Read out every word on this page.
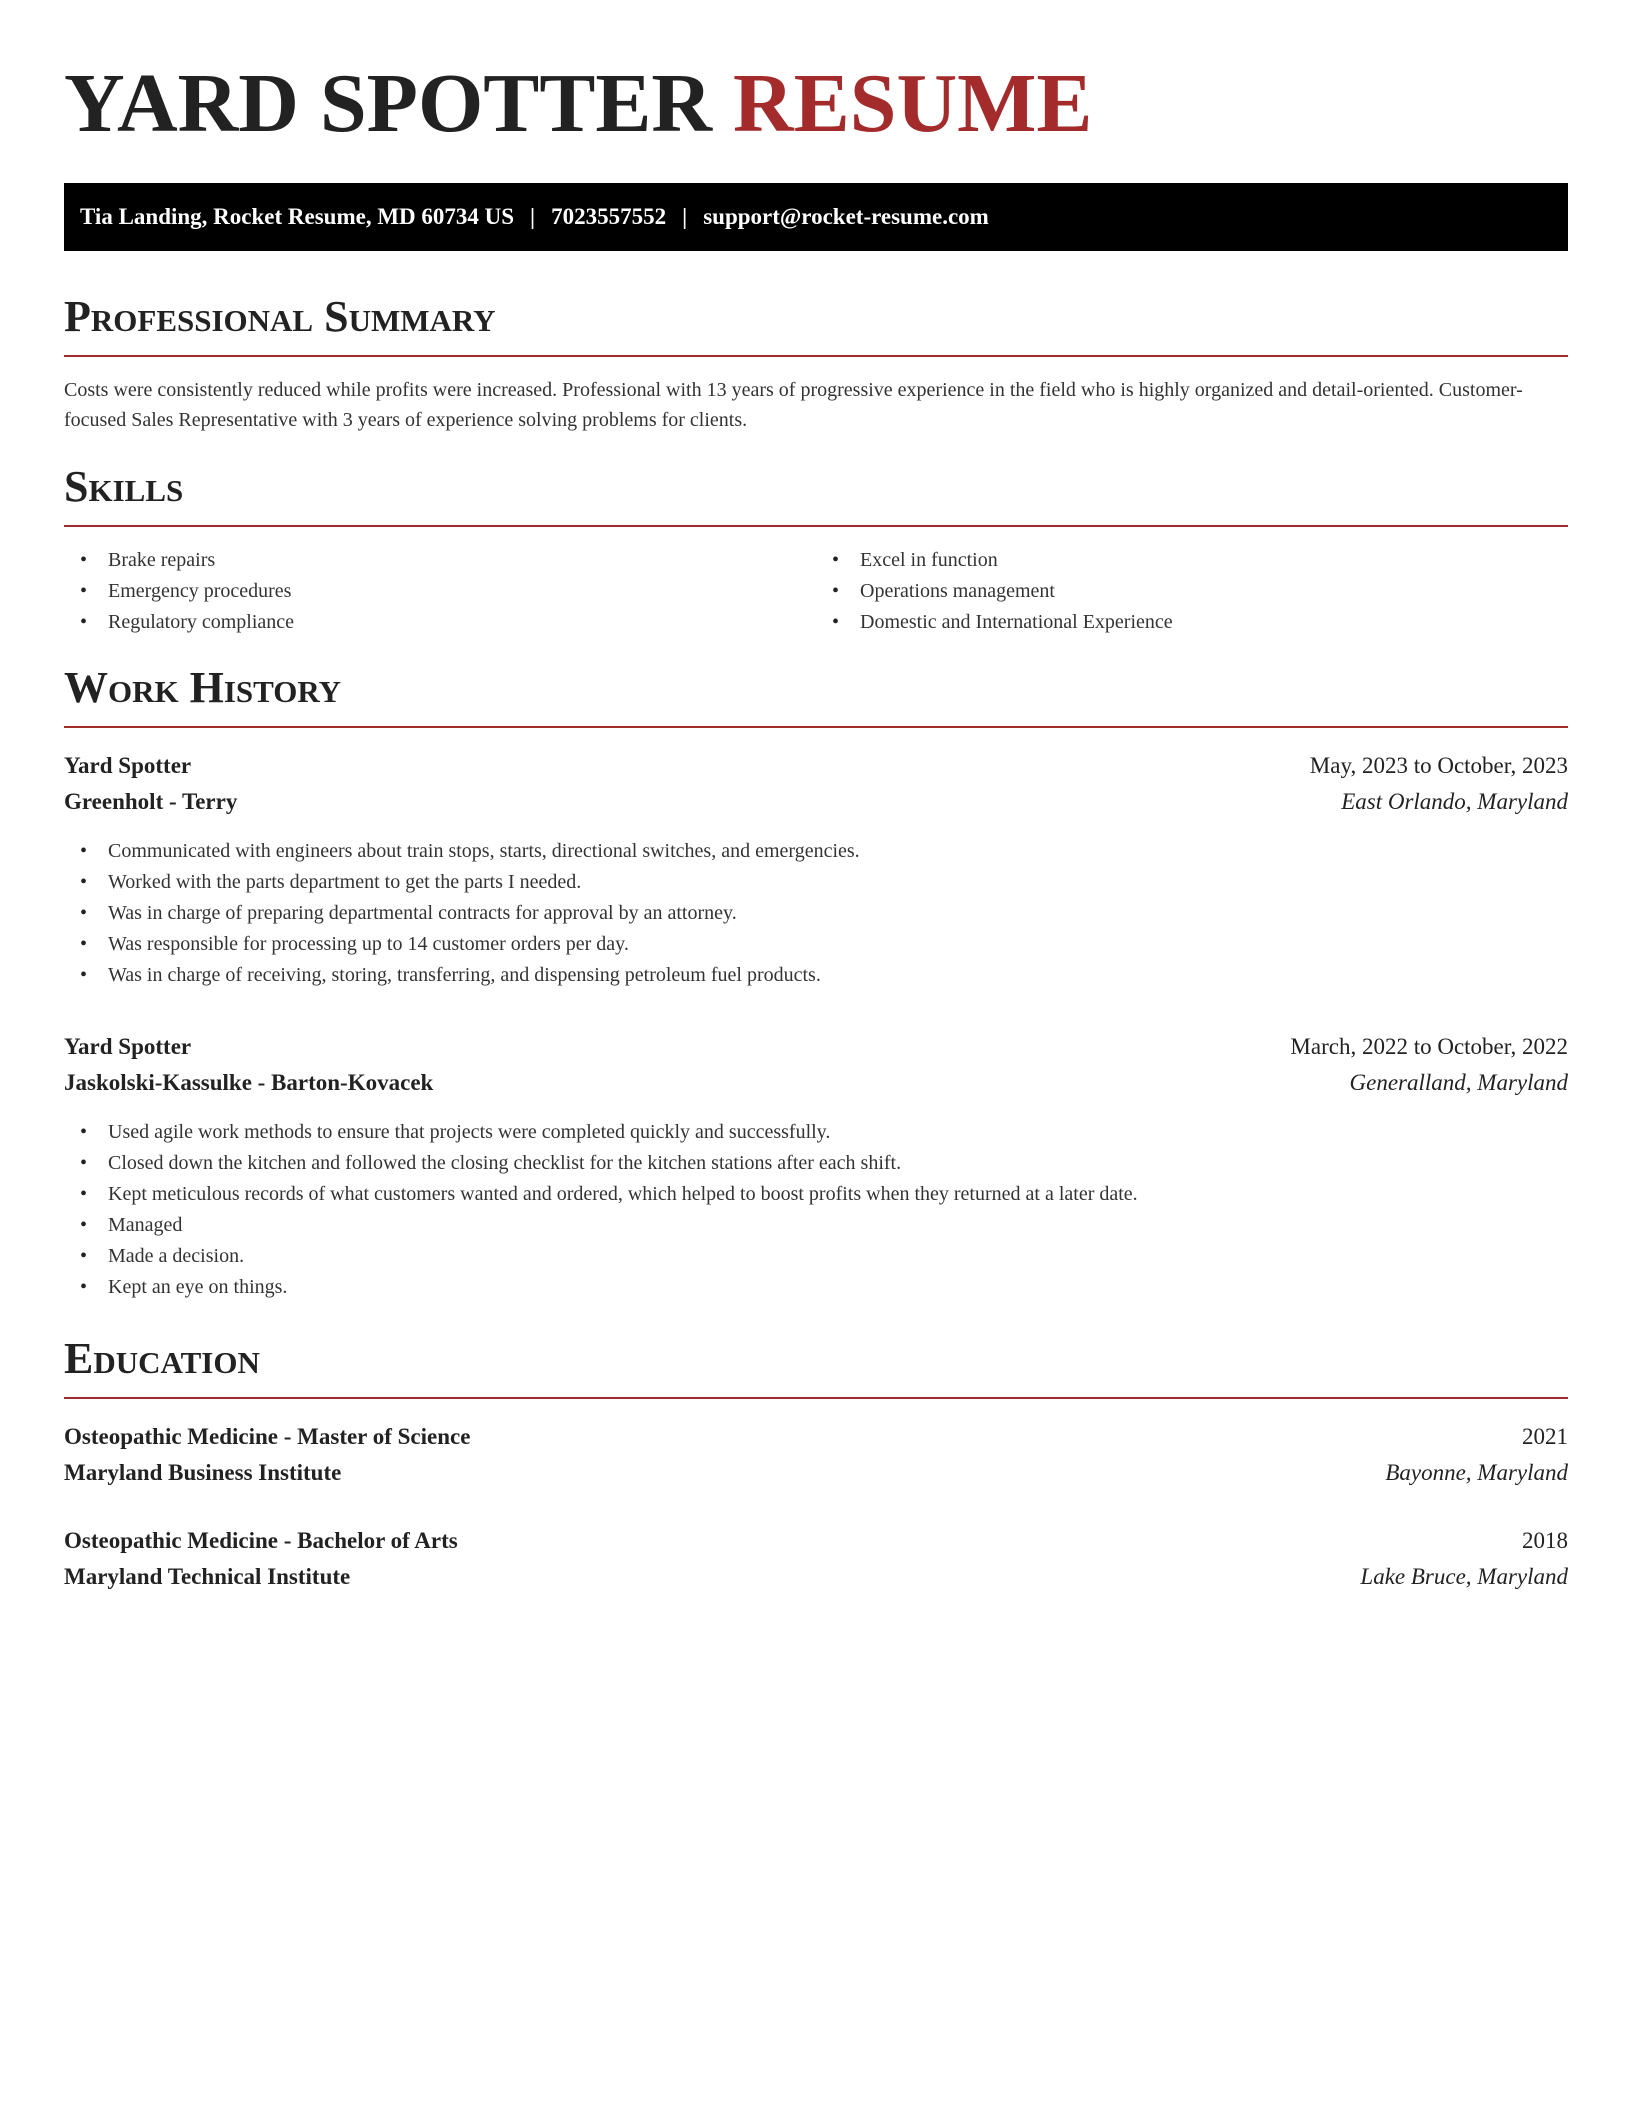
YARD SPOTTER RESUME
Tia Landing, Rocket Resume, MD 60734 US | 7023557552 | support@rocket-resume.com
Professional Summary

Costs were consistently reduced while profits were increased. Professional with 13 years of progressive experience in the field who is highly organized and detail-oriented. Customer-focused Sales Representative with 3 years of experience solving problems for clients.

Skills
• Brake repairs
• Emergency procedures
• Regulatory compliance
• Excel in function
• Operations management
• Domestic and International Experience
Work History
Yard Spotter	May, 2023 to October, 2023
Greenholt - Terry	East Orlando, Maryland
• Communicated with engineers about train stops, starts, directional switches, and emergencies.
• Worked with the parts department to get the parts I needed.
• Was in charge of preparing departmental contracts for approval by an attorney.
• Was responsible for processing up to 14 customer orders per day.
• Was in charge of receiving, storing, transferring, and dispensing petroleum fuel products.
Yard Spotter	March, 2022 to October, 2022
Jaskolski-Kassulke - Barton-Kovacek	Generalland, Maryland
• Used agile work methods to ensure that projects were completed quickly and successfully.
• Closed down the kitchen and followed the closing checklist for the kitchen stations after each shift.
• Kept meticulous records of what customers wanted and ordered, which helped to boost profits when they returned at a later date.
• Managed
• Made a decision.
• Kept an eye on things.
Education
Osteopathic Medicine - Master of Science	2021
Maryland Business Institute	Bayonne, Maryland
Osteopathic Medicine - Bachelor of Arts	2018
Maryland Technical Institute	Lake Bruce, Maryland
